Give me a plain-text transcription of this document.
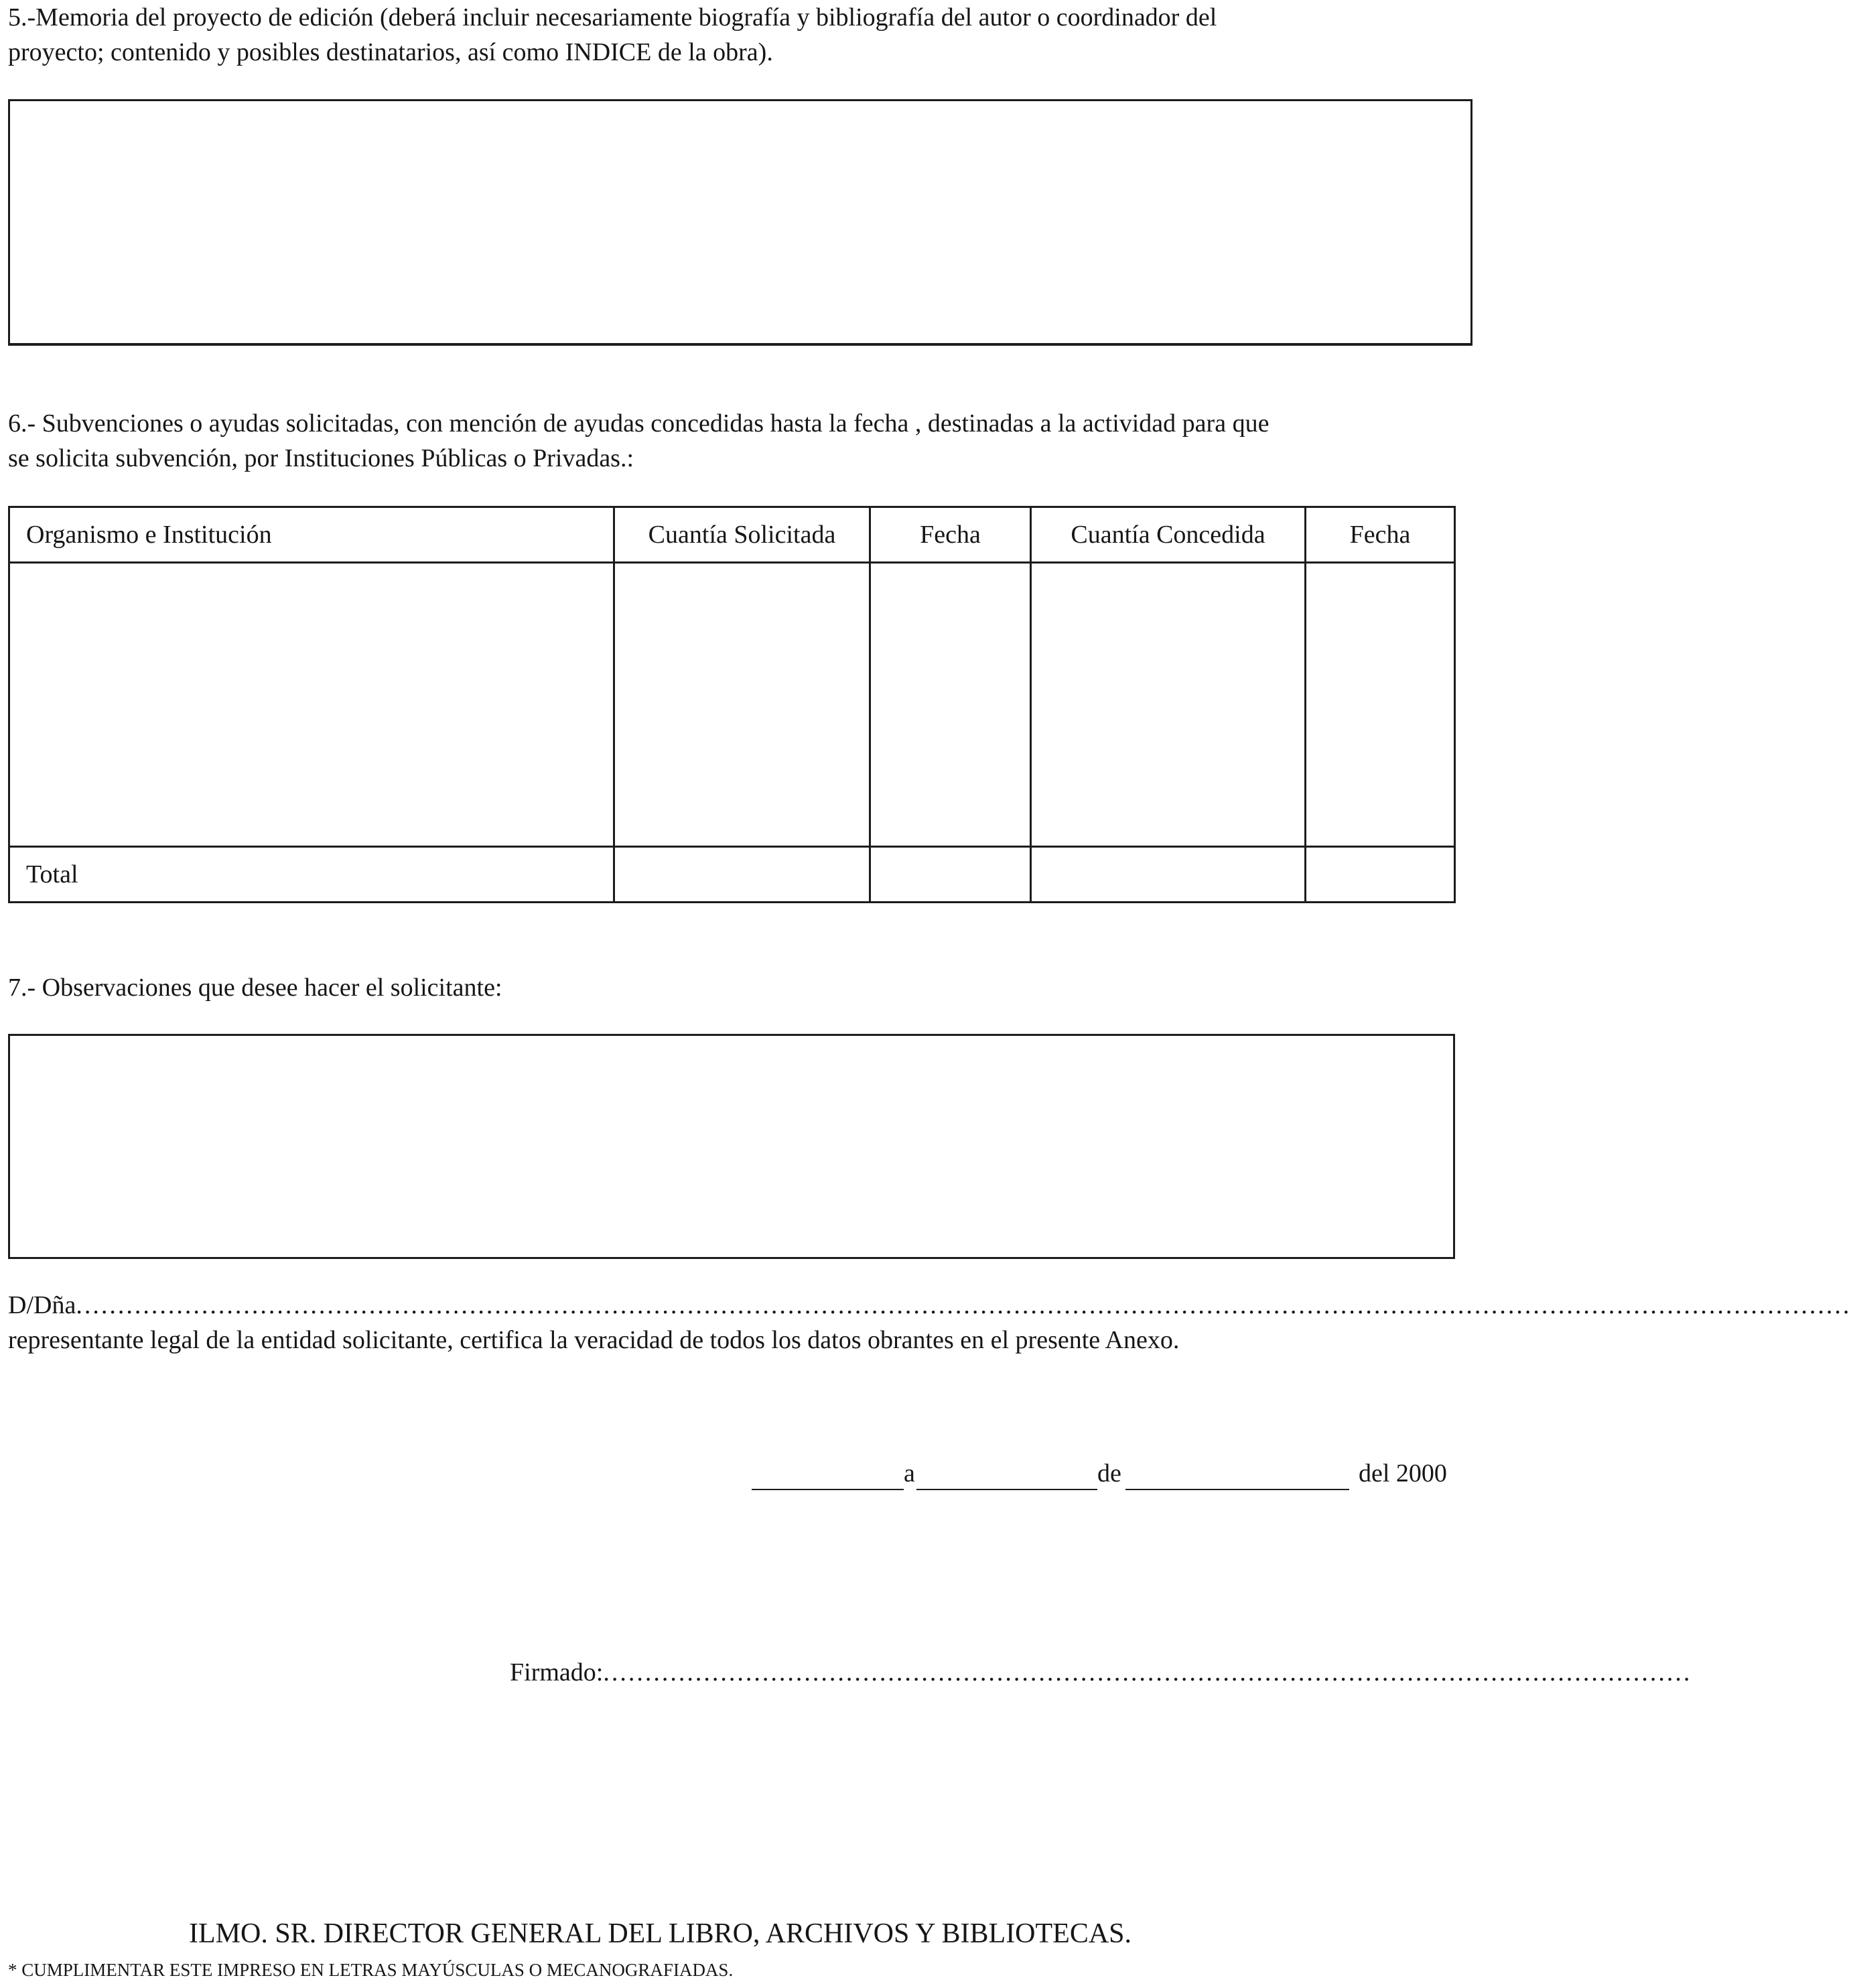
5.-Memoria del proyecto de edición (deberá incluir necesariamente biografía y bibliografía del autor o coordinador del
proyecto; contenido y posibles destinatarios, así como INDICE de la obra).
6.- Subvenciones o ayudas solicitadas, con mención de ayudas concedidas hasta la fecha , destinadas a la actividad para que
se solicita subvención, por Instituciones Públicas o Privadas.:
Organismo e Institución	Cuantía Solicitada	Fecha	Cuantía Concedida	Fecha

Total				
7.- Observaciones que desee hacer el solicitante:
D/Dña ....................................................................................................................................................................................................................
representante legal de la entidad solicitante, certifica la veracidad de todos los datos obrantes en el presente Anexo.
a	de	del 2000
Firmado: ..................................................................................................................................
ILMO. SR. DIRECTOR GENERAL DEL LIBRO, ARCHIVOS Y BIBLIOTECAS.
* CUMPLIMENTAR ESTE IMPRESO EN LETRAS MAYÚSCULAS O MECANOGRAFIADAS.
